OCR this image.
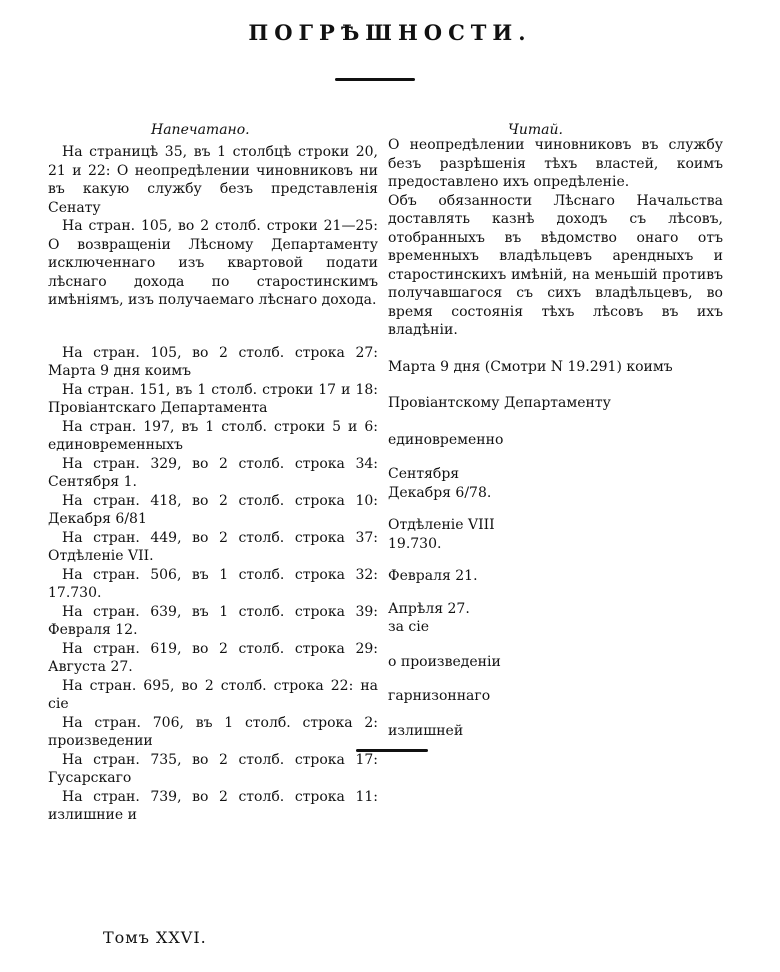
ПОГРѢШНОСТИ.
Напечатано.	Читай.

На страницѣ 35, въ 1 столбцѣ строки 20, 21 и 22: О неопредѣлении чиновниковъ ни въ какую службу безъ представленія Сенату

На стран. 105, во 2 столб. строки 21—25: О возвращеніи Лѣсному Департаменту исключеннаго изъ квартовой подати лѣснаго дохода по старостинскимъ имѣніямъ, изъ получаемаго лѣснаго дохода.

На стран. 105, во 2 столб. строка 27: Марта 9 дня коимъ

На стран. 151, въ 1 столб. строки 17 и 18: Провіантскаго Департамента

На стран. 197, въ 1 столб. строки 5 и 6: единовременныхъ

На стран. 329, во 2 столб. строка 34: Сентября 1.

На стран. 418, во 2 столб. строка 10: Декабря 6/81

На стран. 449, во 2 столб. строка 37: Отдѣленіе VII.

На стран. 506, въ 1 столб. строка 32: 17.730.

На стран. 639, въ 1 столб. строка 39: Февраля 12.

На стран. 619, во 2 столб. строка 29: Августа 27.

На стран. 695, во 2 столб. строка 22: на сіе

На стран. 706, въ 1 столб. строка 2: произведении

На стран. 735, во 2 столб. строка 17: Гусарскаго

На стран. 739, во 2 столб. строка 11: излишние и

О неопредѣлении чиновниковъ въ службу безъ разрѣшенія тѣхъ властей, коимъ предоставлено ихъ опредѣленіе.

Объ обязанности Лѣснаго Начальства доставлять казнѣ доходъ съ лѣсовъ, отобранныхъ въ вѣдомство онаго отъ временныхъ владѣльцевъ арендныхъ и старостинскихъ имѣній, на меньшій противъ получавшагося съ сихъ владѣльцевъ, во время состоянія тѣхъ лѣсовъ въ ихъ владѣніи.

Марта 9 дня (Смотри N 19.291) коимъ

Провіантскому Департаменту

единовременно

Сентября

Декабря 6/78.

Отдѣленіе VIII

19.730.

Февраля 21.

Апрѣля 27.

за сіе

о произведеніи

гарнизоннаго

излишней

Томъ XXVI.
